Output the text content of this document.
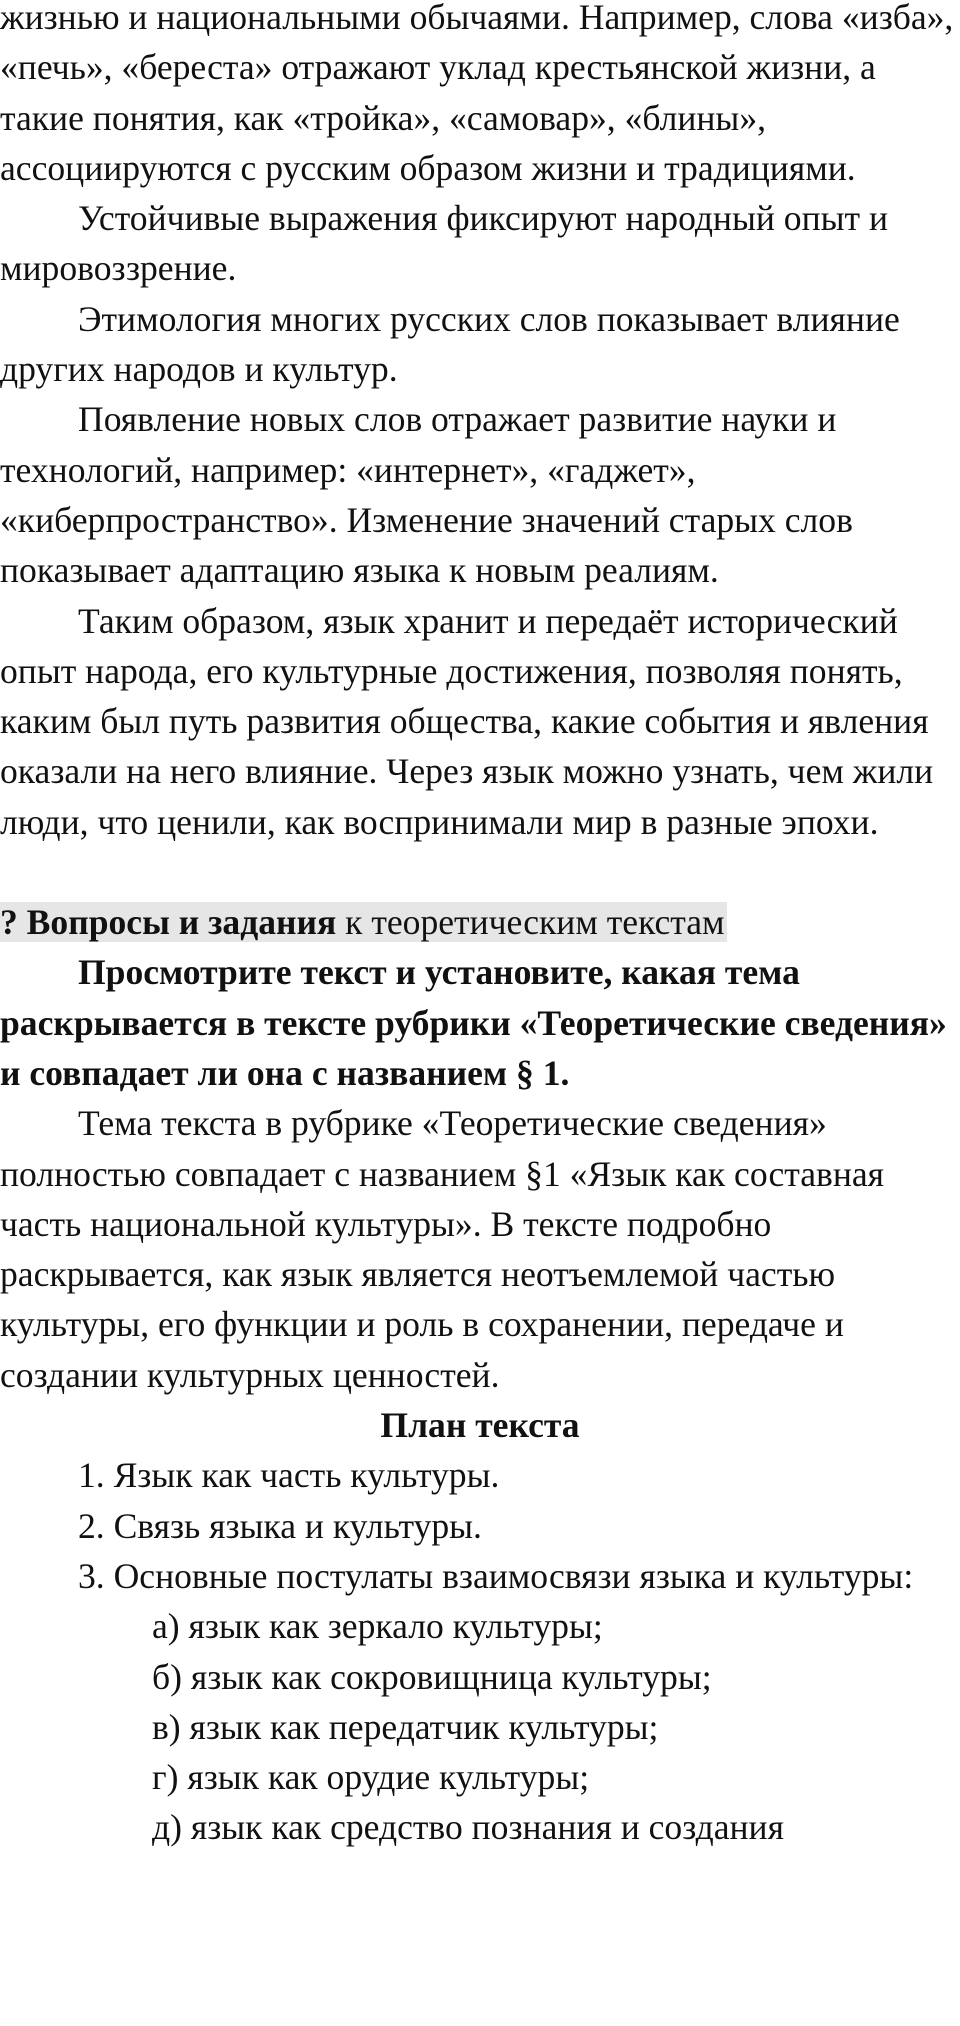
жизнью и национальными обычаями. Например, слова «изба», «печь», «береста» отражают уклад крестьянской жизни, а такие понятия, как «тройка», «самовар», «блины», ассоциируются с русским образом жизни и традициями.

Устойчивые выражения фиксируют народный опыт и мировоззрение.

Этимология многих русских слов показывает влияние других народов и культур.

Появление новых слов отражает развитие науки и технологий, например: «интернет», «гаджет», «киберпространство». Изменение значений старых слов показывает адаптацию языка к новым реалиям.

Таким образом, язык хранит и передаёт исторический опыт народа, его культурные достижения, позволяя понять, каким был путь развития общества, какие события и явления оказали на него влияние. Через язык можно узнать, чем жили люди, что ценили, как воспринимали мир в разные эпохи.

? Вопросы и задания к теоретическим текстам

Просмотрите текст и установите, какая тема раскрывается в тексте рубрики «Теоретические сведения» и совпадает ли она с названием § 1.

Тема текста в рубрике «Теоретические сведения» полностью совпадает с названием §1 «Язык как составная часть национальной культуры». В тексте подробно раскрывается, как язык является неотъемлемой частью культуры, его функции и роль в сохранении, передаче и создании культурных ценностей.

План текста

1. Язык как часть культуры.

2. Связь языка и культуры.

3. Основные постулаты взаимосвязи языка и культуры:

а) язык как зеркало культуры;

б) язык как сокровищница культуры;

в) язык как передатчик культуры;

г) язык как орудие культуры;

д) язык как средство познания и создания
